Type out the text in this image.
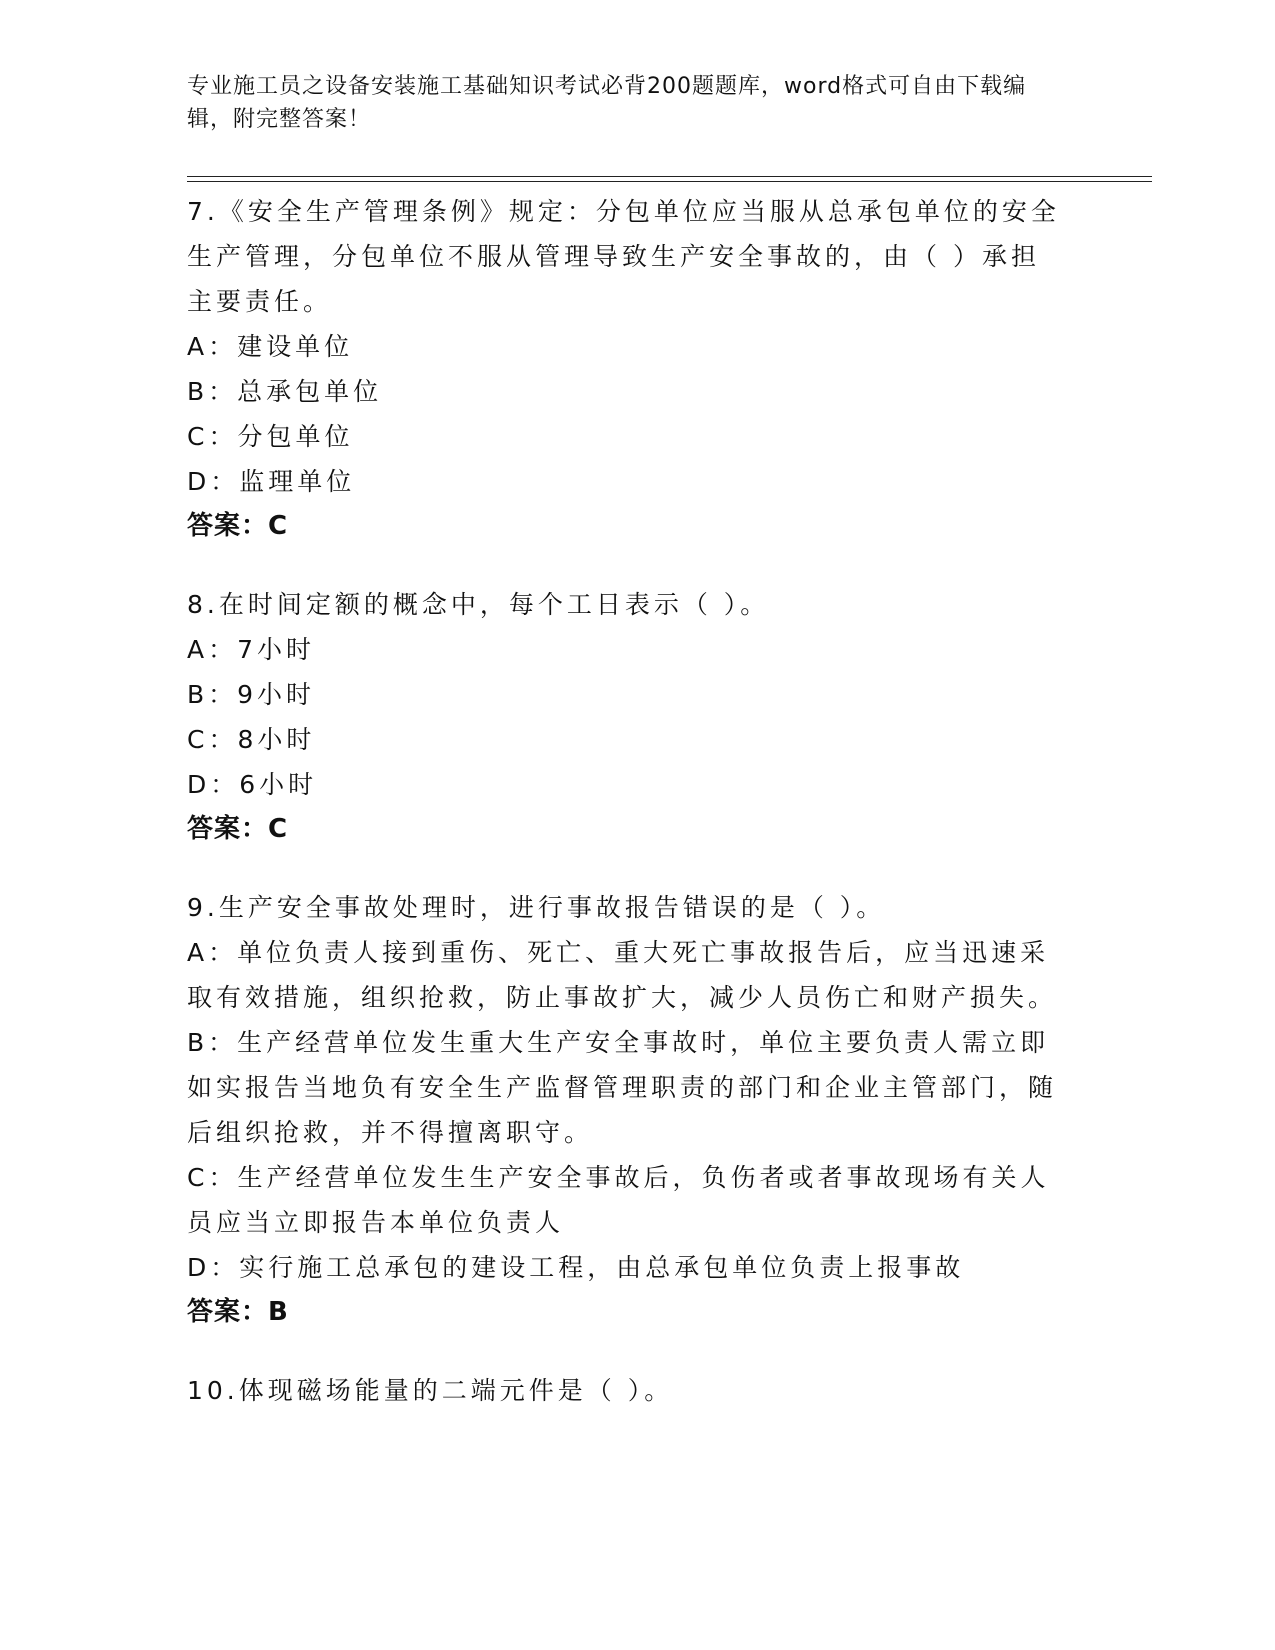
专业施工员之设备安装施工基础知识考试必背200题题库，word格式可自由下载编辑，附完整答案！

7.《安全生产管理条例》规定：分包单位应当服从总承包单位的安全生产管理，分包单位不服从管理导致生产安全事故的，由（ ）承担主要责任。

A：建设单位

B：总承包单位

C：分包单位

D：监理单位

答案：C

8.在时间定额的概念中，每个工日表示（ ）。

A：7小时

B：9小时

C：8小时

D：6小时

答案：C

9.生产安全事故处理时，进行事故报告错误的是（ ）。

A：单位负责人接到重伤、死亡、重大死亡事故报告后，应当迅速采取有效措施，组织抢救，防止事故扩大，减少人员伤亡和财产损失。

B：生产经营单位发生重大生产安全事故时，单位主要负责人需立即如实报告当地负有安全生产监督管理职责的部门和企业主管部门，随后组织抢救，并不得擅离职守。

C：生产经营单位发生生产安全事故后，负伤者或者事故现场有关人员应当立即报告本单位负责人

D：实行施工总承包的建设工程，由总承包单位负责上报事故

答案：B

10.体现磁场能量的二端元件是（ ）。
